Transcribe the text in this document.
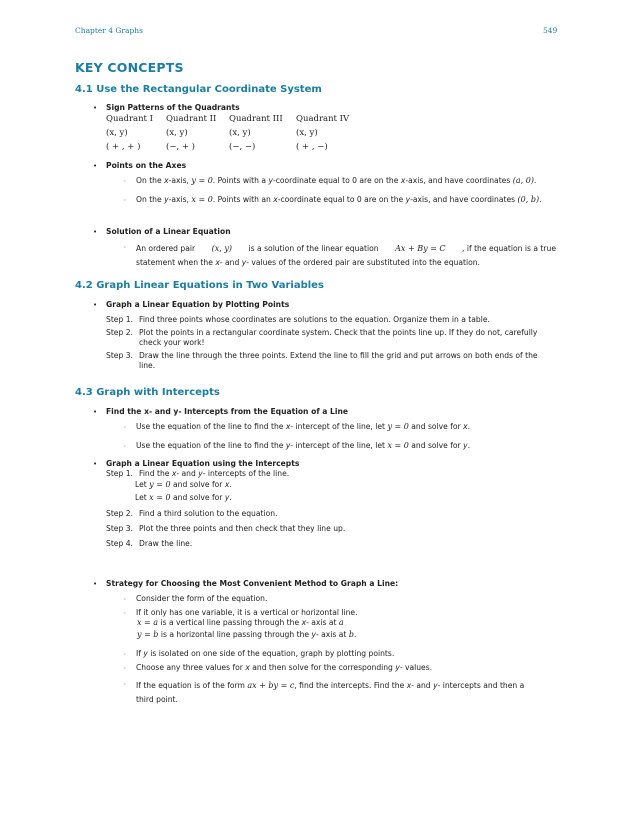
Chapter 4 Graphs	549
KEY CONCEPTS
4.1 Use the Rectangular Coordinate System
• Sign Patterns of the Quadrants
Quadrant I
(x, y)
( + , + )
Quadrant II
(x, y)
(−, + )
Quadrant III
(x, y)
(−, −)
Quadrant IV
(x, y)
( + , −)
• Points on the Axes
◦ On the x-axis, y = 0. Points with a y-coordinate equal to 0 are on the x-axis, and have coordinates (a, 0).
◦ On the y-axis, x = 0. Points with an x-coordinate equal to 0 are on the y-axis, and have coordinates (0, b).
• Solution of a Linear Equation
◦ An ordered pair (x, y) is a solution of the linear equation Ax + By = C , if the equation is a true
statement when the x- and y- values of the ordered pair are substituted into the equation.
4.2 Graph Linear Equations in Two Variables
• Graph a Linear Equation by Plotting Points
Step 1. Find three points whose coordinates are solutions to the equation. Organize them in a table.
Step 2. Plot the points in a rectangular coordinate system. Check that the points line up. If they do not, carefully check your work!
Step 3. Draw the line through the three points. Extend the line to fill the grid and put arrows on both ends of the line.
4.3 Graph with Intercepts
• Find the x- and y- Intercepts from the Equation of a Line
◦ Use the equation of the line to find the x- intercept of the line, let y = 0 and solve for x.
◦ Use the equation of the line to find the y- intercept of the line, let x = 0 and solve for y.
• Graph a Linear Equation using the Intercepts
Step 1. Find the x- and y- intercepts of the line.
Let y = 0 and solve for x.
Let x = 0 and solve for y.
Step 2. Find a third solution to the equation.
Step 3. Plot the three points and then check that they line up.
Step 4. Draw the line.
• Strategy for Choosing the Most Convenient Method to Graph a Line:
◦ Consider the form of the equation.
◦ If it only has one variable, it is a vertical or horizontal line.
x = a is a vertical line passing through the x- axis at a
y = b is a horizontal line passing through the y- axis at b.
◦ If y is isolated on one side of the equation, graph by plotting points.
◦ Choose any three values for x and then solve for the corresponding y- values.
◦ If the equation is of the form ax + by = c, find the intercepts. Find the x- and y- intercepts and then a
third point.
